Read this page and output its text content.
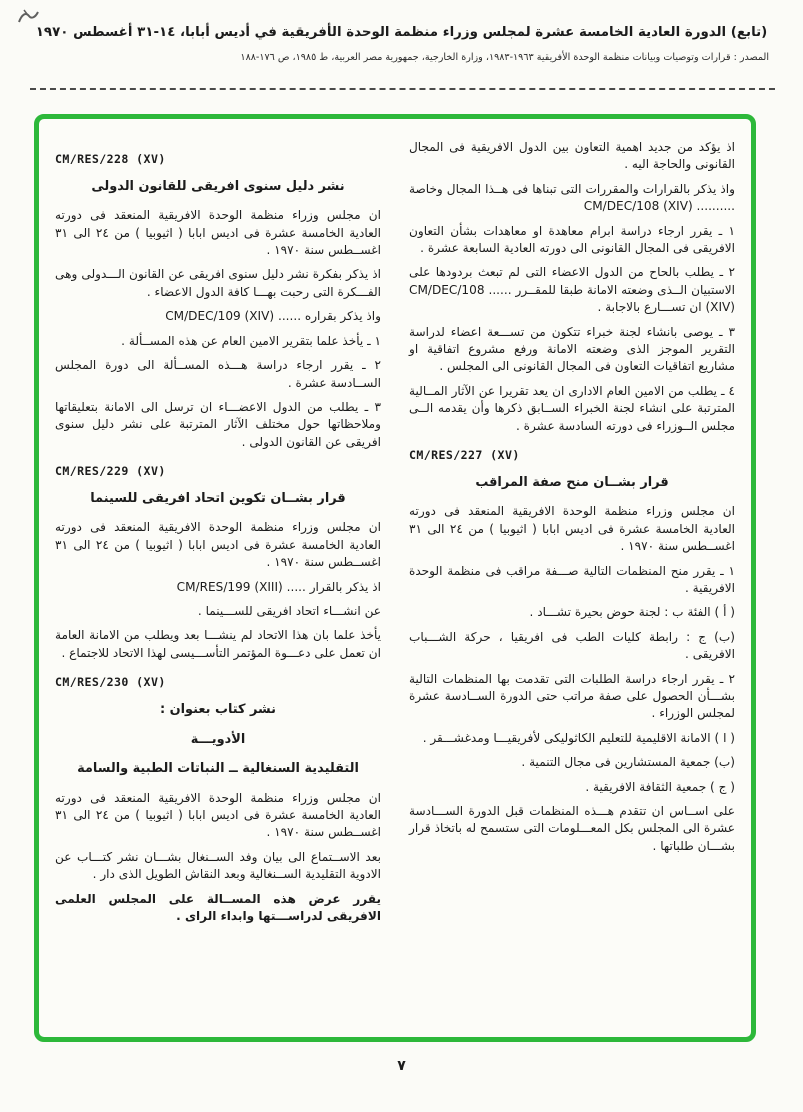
(تابع) الدورة العادية الخامسة عشرة لمجلس وزراء منظمة الوحدة الأفريقية في أديس أبابا، ١٤-٣١ أغسطس ١٩٧٠
المصدر : قرارات وتوصيات وبيانات منظمة الوحدة الأفريقية ١٩٦٣-١٩٨٣، وزارة الخارجية، جمهورية مصر العربية، ط ١٩٨٥، ص ١٧٦-١٨٨
اذ يؤكد من جديد اهمية التعاون بين الدول الافريقية فى المجال القانونى والحاجة اليه .
واذ يذكر بالقرارات والمقررات التى تبناها فى هــذا المجال وخاصة .......... ‎CM/DEC/108 (XIV)‎
١ ـ يقرر ارجاء دراسة ابرام معاهدة او معاهدات بشأن التعاون الافريقى فى المجال القانونى الى دورته العادية السابعة عشرة .
٢ ـ يطلب بالحاح من الدول الاعضاء التى لم تبعث بردودها على الاستبيان الــذى وضعته الامانة طبقا للمقــرر ...... ‎CM/DEC/108 (XIV)‎ ان تســـارع بالاجابة .
٣ ـ يوصى بانشاء لجنة خبراء تتكون من تســـعة اعضاء لدراسة التقرير الموجز الذى وضعته الامانة ورفع مشروع اتفاقية او مشاريع اتفاقيات التعاون فى المجال القانونى الى المجلس .
٤ ـ يطلب من الامين العام الادارى ان يعد تقريرا عن الآثار المــالية المترتبة على انشاء لجنة الخبراء الســابق ذكرها وأن يقدمه الــى مجلس الــوزراء فى دورته السادسة عشرة .
CM/RES/227 (XV)
قرار بشــان منح صفة المراقب
ان مجلس وزراء منظمة الوحدة الافريقية المنعقد فى دورته العادية الخامسة عشرة فى اديس ابابا ( اثيوبيا ) من ٢٤ الى ٣١ اغســطس سنة ١٩٧٠ .
١ ـ يقرر منح المنظمات التالية صـــفة مراقب فى منظمة الوحدة الافريقية .
( أ ) الفئة ب : لجنة حوض بحيرة تشـــاد .
(ب) ج : رابطة كليات الطب فى افريقيا ، حركة الشـــباب الافريقى .
٢ ـ يقرر ارجاء دراسة الطلبات التى تقدمت بها المنظمات التالية بشـــأن الحصول على صفة مراتب حتى الدورة الســادسة عشرة لمجلس الوزراء .
( ا ) الامانة الاقليمية للتعليم الكاثوليكى لأفريقيـــا ومدغشـــقر .
(ب) جمعية المستشارين فى مجال التنمية .
( ج ) جمعية الثقافة الافريقية .
على اســاس ان تتقدم هـــذه المنظمات قبل الدورة الســـادسة عشرة الى المجلس بكل المعـــلومات التى ستسمح له باتخاذ قرار بشـــان طلباتها .
CM/RES/228 (XV)
نشر دليل سنوى افريقى للقانون الدولى
ان مجلس وزراء منظمة الوحدة الافريقية المنعقد فى دورته العادية الخامسة عشرة فى اديس ابابا ( اثيوبيا ) من ٢٤ الى ٣١ اغســطس سنة ١٩٧٠ .
اذ يذكر بفكرة نشر دليل سنوى افريقى عن القانون الـــدولى وهى الفـــكرة التى رحبت بهـــا كافة الدول الاعضاء .
واذ يذكر بقراره ...... ‎CM/DEC/109 (XIV)‎
١ ـ يأخذ علما بتقرير الامين العام عن هذه المســألة .
٢ ـ يقرر ارجاء دراسة هـــذه المســألة الى دورة المجلس الســادسة عشرة .
٣ ـ يطلب من الدول الاعضـــاء ان ترسل الى الامانة بتعليقاتها وملاحظاتها حول مختلف الآثار المترتبة على نشر دليل سنوى افريقى عن القانون الدولى .
CM/RES/229 (XV)
قرار بشــان تكوين اتحاد افريقى للسينما
ان مجلس وزراء منظمة الوحدة الافريقية المنعقد فى دورته العادية الخامسة عشرة فى اديس ابابا ( اثيوبيا ) من ٢٤ الى ٣١ اغســطس سنة ١٩٧٠ .
اذ يذكر بالقرار ..... ‎CM/RES/199 (XIII)‎
عن انشـــاء اتحاد افريقى للســـينما .
يأخذ علما بان هذا الاتحاد لم ينشـــا بعد ويطلب من الامانة العامة ان تعمل على دعـــوة المؤتمر التأســـيسى لهذا الاتحاد للاجتماع .
CM/RES/230 (XV)
نشر كتاب بعنوان :
الأدويـــة
التقليدية السنغالية ــ النباتات الطبية والسامة
ان مجلس وزراء منظمة الوحدة الافريقية المنعقد فى دورته العادية الخامسة عشرة فى اديس ابابا ( اثيوبيا ) من ٢٤ الى ٣١ اغســطس سنة ١٩٧٠ .
بعد الاســتماع الى بيان وفد الســنغال بشـــان نشر كتـــاب عن الادوية التقليدية الســنغالية وبعد النقاش الطويل الذى دار .
يقرر عرض هذه المســالة على المجلس العلمى الافريقى لدراســـتها وابداء الراى .
٧
